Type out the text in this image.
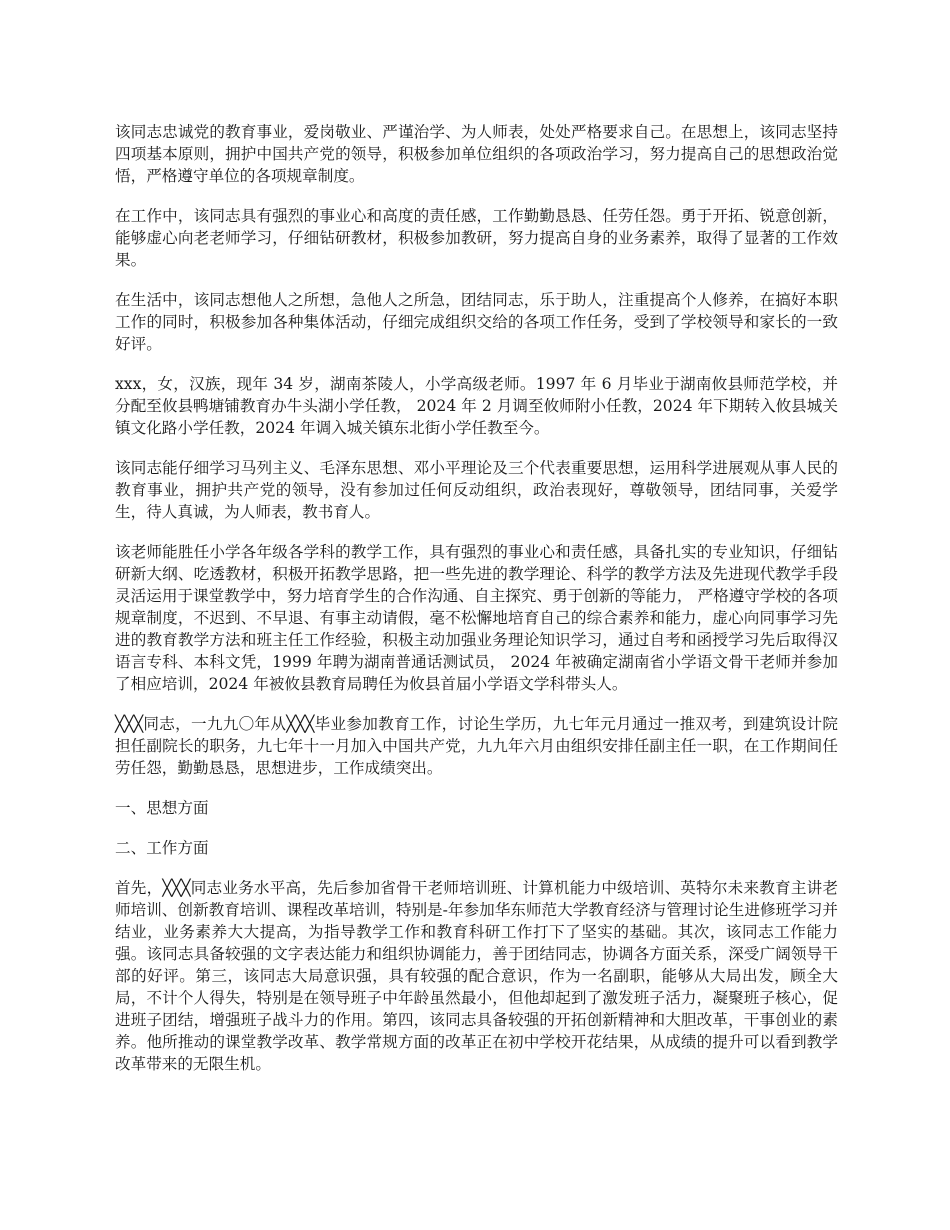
该同志忠诚党的教育事业，爱岗敬业、严谨治学、为人师表，处处严格要求自己。在思想上，该同志坚持四项基本原则，拥护中国共产党的领导，积极参加单位组织的各项政治学习，努力提高自己的思想政治觉悟，严格遵守单位的各项规章制度。

在工作中，该同志具有强烈的事业心和高度的责任感，工作勤勤恳恳、任劳任怨。勇于开拓、锐意创新，能够虚心向老老师学习，仔细钻研教材，积极参加教研，努力提高自身的业务素养，取得了显著的工作效果。

在生活中，该同志想他人之所想，急他人之所急，团结同志，乐于助人，注重提高个人修养，在搞好本职工作的同时，积极参加各种集体活动，仔细完成组织交给的各项工作任务，受到了学校领导和家长的一致好评。

xxx，女，汉族，现年 34 岁，湖南茶陵人，小学高级老师。1997 年 6 月毕业于湖南攸县师范学校，并分配至攸县鸭塘铺教育办牛头湖小学任教， 2024 年 2 月调至攸师附小任教，2024 年下期转入攸县城关镇文化路小学任教，2024 年调入城关镇东北街小学任教至今。

该同志能仔细学习马列主义、毛泽东思想、邓小平理论及三个代表重要思想，运用科学进展观从事人民的教育事业，拥护共产党的领导，没有参加过任何反动组织，政治表现好，尊敬领导，团结同事，关爱学生，待人真诚，为人师表，教书育人。

该老师能胜任小学各年级各学科的教学工作，具有强烈的事业心和责任感，具备扎实的专业知识，仔细钻研新大纲、吃透教材，积极开拓教学思路，把一些先进的教学理论、科学的教学方法及先进现代教学手段灵活运用于课堂教学中，努力培育学生的合作沟通、自主探究、勇于创新的等能力， 严格遵守学校的各项规章制度，不迟到、不早退、有事主动请假，毫不松懈地培育自己的综合素养和能力，虚心向同事学习先进的教育教学方法和班主任工作经验，积极主动加强业务理论知识学习，通过自考和函授学习先后取得汉语言专科、本科文凭，1999 年聘为湖南普通话测试员， 2024 年被确定湖南省小学语文骨干老师并参加了相应培训，2024 年被攸县教育局聘任为攸县首届小学语文学科带头人。

╳╳╳同志，一九九〇年从╳╳╳毕业参加教育工作，讨论生学历，九七年元月通过一推双考，到建筑设计院担任副院长的职务，九七年十一月加入中国共产党，九九年六月由组织安排任副主任一职，在工作期间任劳任怨，勤勤恳恳，思想进步，工作成绩突出。

一、思想方面

二、工作方面

首先，╳╳╳同志业务水平高，先后参加省骨干老师培训班、计算机能力中级培训、英特尔未来教育主讲老师培训、创新教育培训、课程改革培训，特别是-年参加华东师范大学教育经济与管理讨论生进修班学习并结业，业务素养大大提高，为指导教学工作和教育科研工作打下了坚实的基础。其次，该同志工作能力强。该同志具备较强的文字表达能力和组织协调能力，善于团结同志，协调各方面关系，深受广阔领导干部的好评。第三，该同志大局意识强，具有较强的配合意识，作为一名副职，能够从大局出发，顾全大局，不计个人得失，特别是在领导班子中年龄虽然最小，但他却起到了激发班子活力，凝聚班子核心，促进班子团结，增强班子战斗力的作用。第四，该同志具备较强的开拓创新精神和大胆改革，干事创业的素养。他所推动的课堂教学改革、教学常规方面的改革正在初中学校开花结果，从成绩的提升可以看到教学改革带来的无限生机。
